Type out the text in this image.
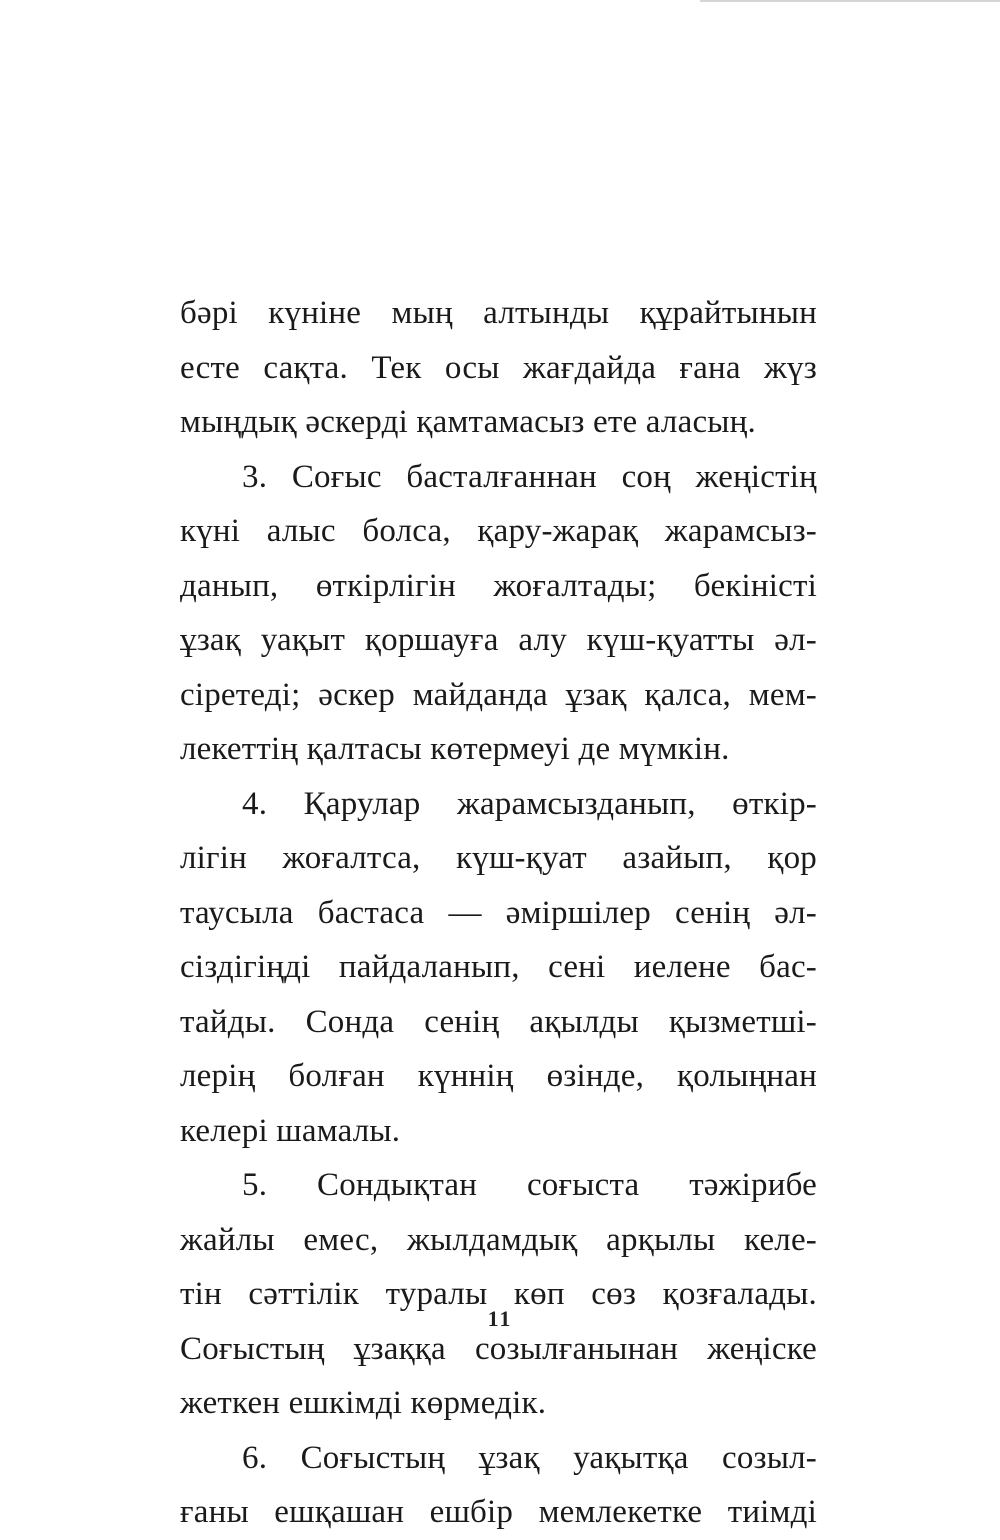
бәрі күніне мың алтынды құрайтынын
есте сақта. Тек осы жағдайда ғана жүз
мыңдық әскерді қамтамасыз ете аласың.
3. Соғыс басталғаннан соң жеңістің
күні алыс болса, қару-жарақ жарамсыз-
данып, өткірлігін жоғалтады; бекіністі
ұзақ уақыт қоршауға алу күш-қуатты әл-
сіретеді; әскер майданда ұзақ қалса, мем-
лекеттің қалтасы көтермеуі де мүмкін.
4. Қарулар жарамсызданып, өткір-
лігін жоғалтса, күш-қуат азайып, қор
таусыла бастаса — әміршілер сенің әл-
сіздігіңді пайдаланып, сені иелене бас-
тайды. Сонда сенің ақылды қызметші-
лерің болған күннің өзінде, қолыңнан
келері шамалы.
5. Сондықтан соғыста тәжірибе
жайлы емес, жылдамдық арқылы келе-
тін сәттілік туралы көп сөз қозғалады.
Соғыстың ұзаққа созылғанынан жеңіске
жеткен ешкімді көрмедік.
6. Соғыстың ұзақ уақытқа созыл-
ғаны ешқашан ешбір мемлекетке тиімді
11
